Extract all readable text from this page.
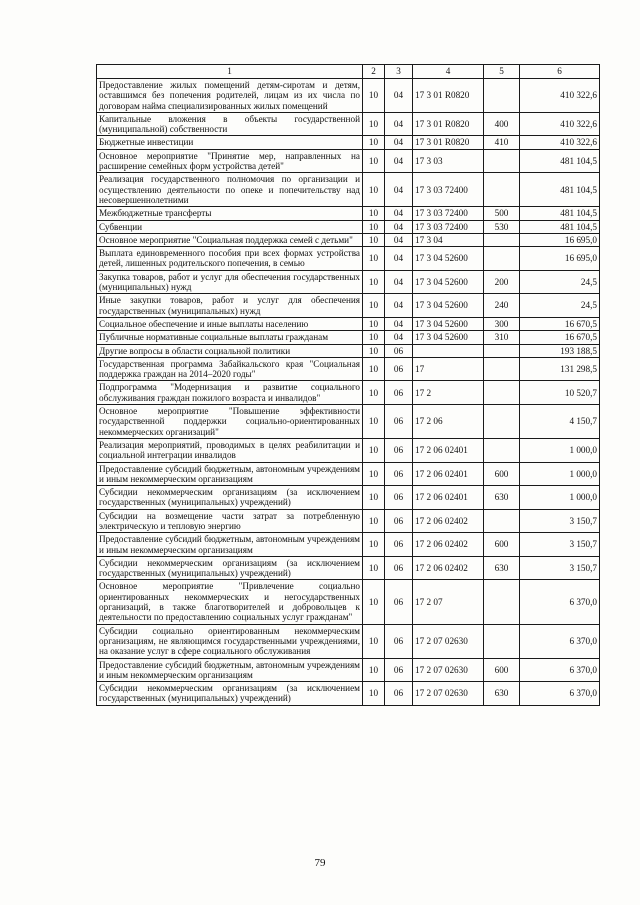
1	2	3	4	5	6
Предоставление жилых помещений детям-сиротам и детям, оставшимся без попечения родителей, лицам из их числа по договорам найма специализированных жилых помещений	10	04	17 3 01 R0820		410 322,6
Капитальные вложения в объекты государственной (муниципальной) собственности	10	04	17 3 01 R0820	400	410 322,6
Бюджетные инвестиции	10	04	17 3 01 R0820	410	410 322,6
Основное мероприятие "Принятие мер, направленных на расширение семейных форм устройства детей"	10	04	17 3 03		481 104,5
Реализация государственного полномочия по организации и осуществлению деятельности по опеке и попечительству над несовершеннолетними	10	04	17 3 03 72400		481 104,5
Межбюджетные трансферты	10	04	17 3 03 72400	500	481 104,5
Субвенции	10	04	17 3 03 72400	530	481 104,5
Основное мероприятие "Социальная поддержка семей с детьми"	10	04	17 3 04		16 695,0
Выплата единовременного пособия при всех формах устройства детей, лишенных родительского попечения, в семью	10	04	17 3 04 52600		16 695,0
Закупка товаров, работ и услуг для обеспечения государственных (муниципальных) нужд	10	04	17 3 04 52600	200	24,5
Иные закупки товаров, работ и услуг для обеспечения государственных (муниципальных) нужд	10	04	17 3 04 52600	240	24,5
Социальное обеспечение и иные выплаты населению	10	04	17 3 04 52600	300	16 670,5
Публичные нормативные социальные выплаты гражданам	10	04	17 3 04 52600	310	16 670,5
Другие вопросы в области социальной политики	10	06			193 188,5
Государственная программа Забайкальского края "Социальная поддержка граждан на 2014–2020 годы"	10	06	17		131 298,5
Подпрограмма "Модернизация и развитие социального обслуживания граждан пожилого возраста и инвалидов"	10	06	17 2		10 520,7
Основное мероприятие "Повышение эффективности государственной поддержки социально-ориентированных некоммерческих организаций"	10	06	17 2 06		4 150,7
Реализация мероприятий, проводимых в целях реабилитации и социальной интеграции инвалидов	10	06	17 2 06 02401		1 000,0
Предоставление субсидий бюджетным, автономным учреждениям и иным некоммерческим организациям	10	06	17 2 06 02401	600	1 000,0
Субсидии некоммерческим организациям (за исключением государственных (муниципальных) учреждений)	10	06	17 2 06 02401	630	1 000,0
Субсидии на возмещение части затрат за потребленную электрическую и тепловую энергию	10	06	17 2 06 02402		3 150,7
Предоставление субсидий бюджетным, автономным учреждениям и иным некоммерческим организациям	10	06	17 2 06 02402	600	3 150,7
Субсидии некоммерческим организациям (за исключением государственных (муниципальных) учреждений)	10	06	17 2 06 02402	630	3 150,7
Основное мероприятие "Привлечение социально ориентированных некоммерческих и негосударственных организаций, в также благотворителей и добровольцев к деятельности по предоставлению социальных услуг гражданам"	10	06	17 2 07		6 370,0
Субсидии социально ориентированным некоммерческим организациям, не являющимся государственными учреждениями, на оказание услуг в сфере социального обслуживания	10	06	17 2 07 02630		6 370,0
Предоставление субсидий бюджетным, автономным учреждениям и иным некоммерческим организациям	10	06	17 2 07 02630	600	6 370,0
Субсидии некоммерческим организациям (за исключением государственных (муниципальных) учреждений)	10	06	17 2 07 02630	630	6 370,0
79
